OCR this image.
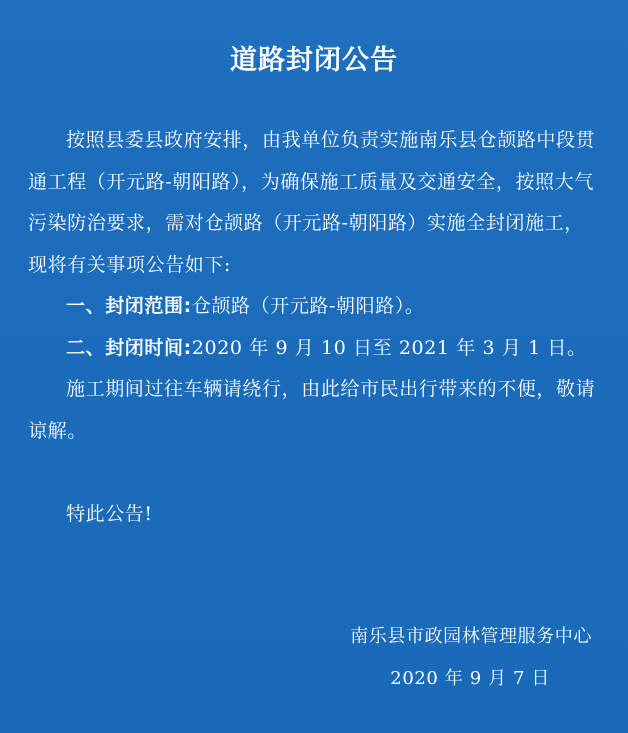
道路封闭公告

按照县委县政府安排，由我单位负责实施南乐县仓颉路中段贯通工程（开元路-朝阳路），为确保施工质量及交通安全，按照大气污染防治要求，需对仓颉路（开元路-朝阳路）实施全封闭施工，现将有关事项公告如下:

一、封闭范围:仓颉路（开元路-朝阳路）。

二、封闭时间:2020 年 9 月 10 日至 2021 年 3 月 1 日。

施工期间过往车辆请绕行，由此给市民出行带来的不便，敬请谅解。

特此公告!

南乐县市政园林管理服务中心
2020 年 9 月 7 日
